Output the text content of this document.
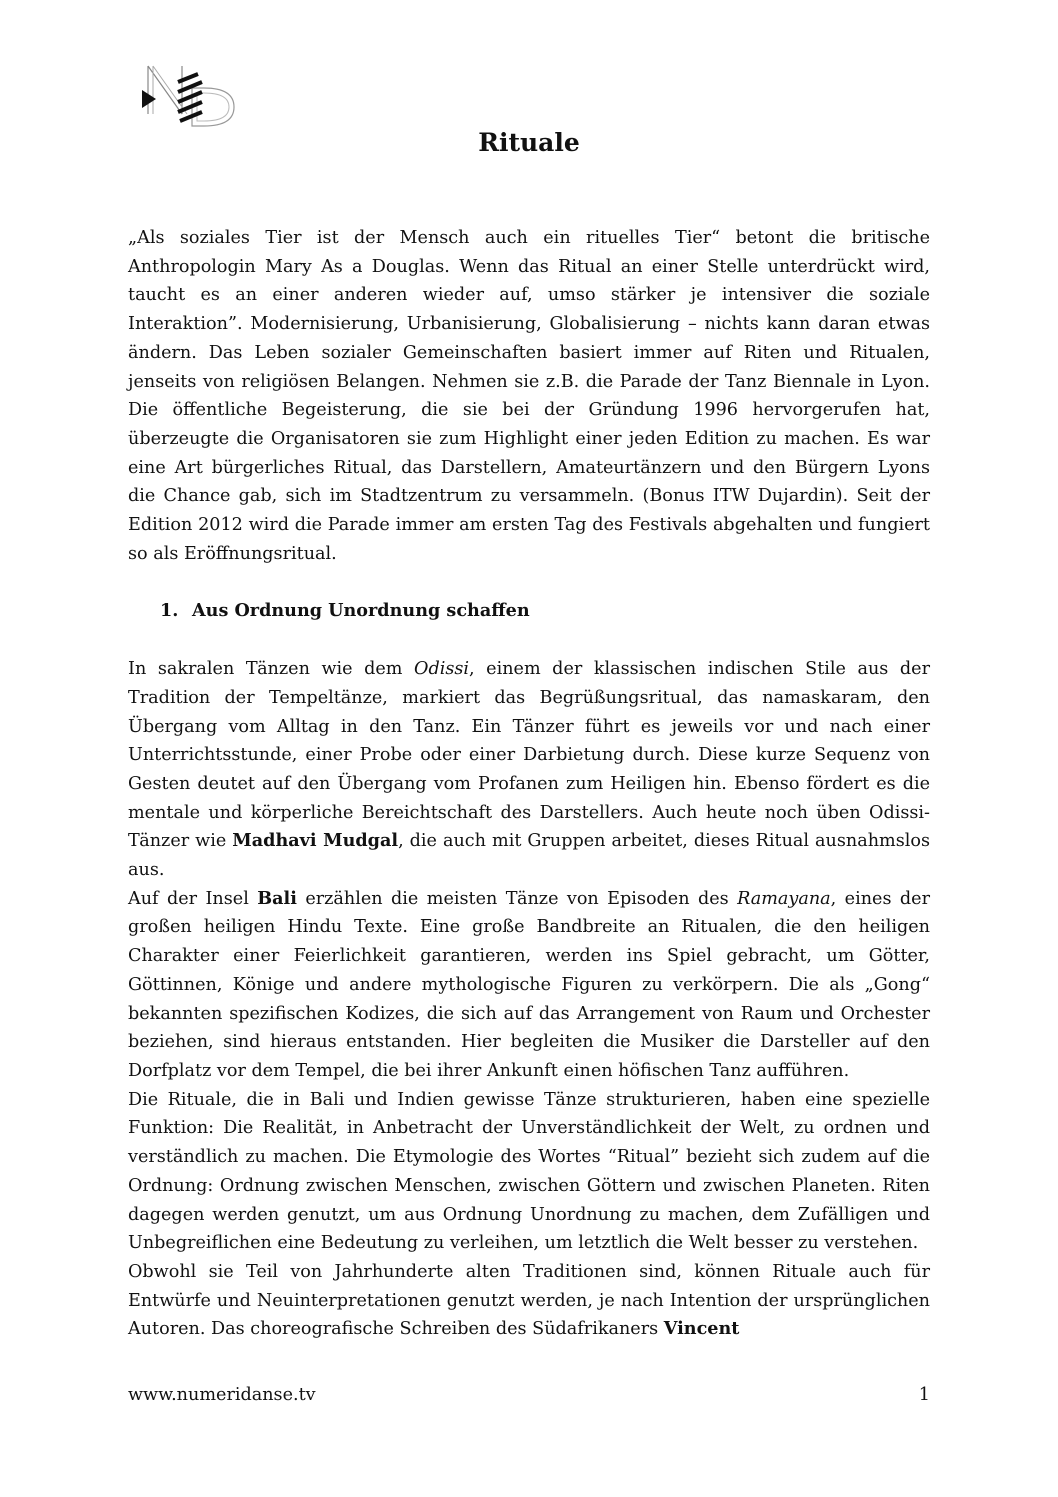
Rituale

„Als soziales Tier ist der Mensch auch ein rituelles Tier“ betont die britische Anthropologin Mary As a Douglas. Wenn das Ritual an einer Stelle unterdrückt wird, taucht es an einer anderen wieder auf, umso stärker je intensiver die soziale Interaktion”. Modernisierung, Urbanisierung, Globalisierung – nichts kann daran etwas ändern. Das Leben sozialer Gemeinschaften basiert immer auf Riten und Ritualen, jenseits von religiösen Belangen. Nehmen sie z.B. die Parade der Tanz Biennale in Lyon. Die öffentliche Begeisterung, die sie bei der Gründung 1996 hervorgerufen hat, überzeugte die Organisatoren sie zum Highlight einer jeden Edition zu machen. Es war eine Art bürgerliches Ritual, das Darstellern, Amateurtänzern und den Bürgern Lyons die Chance gab, sich im Stadtzentrum zu versammeln. (Bonus ITW Dujardin). Seit der Edition 2012 wird die Parade immer am ersten Tag des Festivals abgehalten und fungiert so als Eröffnungsritual.

1. Aus Ordnung Unordnung schaffen

In sakralen Tänzen wie dem Odissi, einem der klassischen indischen Stile aus der Tradition der Tempeltänze, markiert das Begrüßungsritual, das namaskaram, den Übergang vom Alltag in den Tanz. Ein Tänzer führt es jeweils vor und nach einer Unterrichtsstunde, einer Probe oder einer Darbietung durch. Diese kurze Sequenz von Gesten deutet auf den Übergang vom Profanen zum Heiligen hin. Ebenso fördert es die mentale und körperliche Bereichtschaft des Darstellers. Auch heute noch üben Odissi-Tänzer wie Madhavi Mudgal, die auch mit Gruppen arbeitet, dieses Ritual ausnahmslos aus.

Auf der Insel Bali erzählen die meisten Tänze von Episoden des Ramayana, eines der großen heiligen Hindu Texte. Eine große Bandbreite an Ritualen, die den heiligen Charakter einer Feierlichkeit garantieren, werden ins Spiel gebracht, um Götter, Göttinnen, Könige und andere mythologische Figuren zu verkörpern. Die als „Gong“ bekannten spezifischen Kodizes, die sich auf das Arrangement von Raum und Orchester beziehen, sind hieraus entstanden. Hier begleiten die Musiker die Darsteller auf den Dorfplatz vor dem Tempel, die bei ihrer Ankunft einen höfischen Tanz aufführen.

Die Rituale, die in Bali und Indien gewisse Tänze strukturieren, haben eine spezielle Funktion: Die Realität, in Anbetracht der Unverständlichkeit der Welt, zu ordnen und verständlich zu machen. Die Etymologie des Wortes “Ritual” bezieht sich zudem auf die Ordnung: Ordnung zwischen Menschen, zwischen Göttern und zwischen Planeten. Riten dagegen werden genutzt, um aus Ordnung Unordnung zu machen, dem Zufälligen und Unbegreiflichen eine Bedeutung zu verleihen, um letztlich die Welt besser zu verstehen.

Obwohl sie Teil von Jahrhunderte alten Traditionen sind, können Rituale auch für Entwürfe und Neuinterpretationen genutzt werden, je nach Intention der ursprünglichen Autoren. Das choreografische Schreiben des Südafrikaners Vincent

www.numeridanse.tv	1
